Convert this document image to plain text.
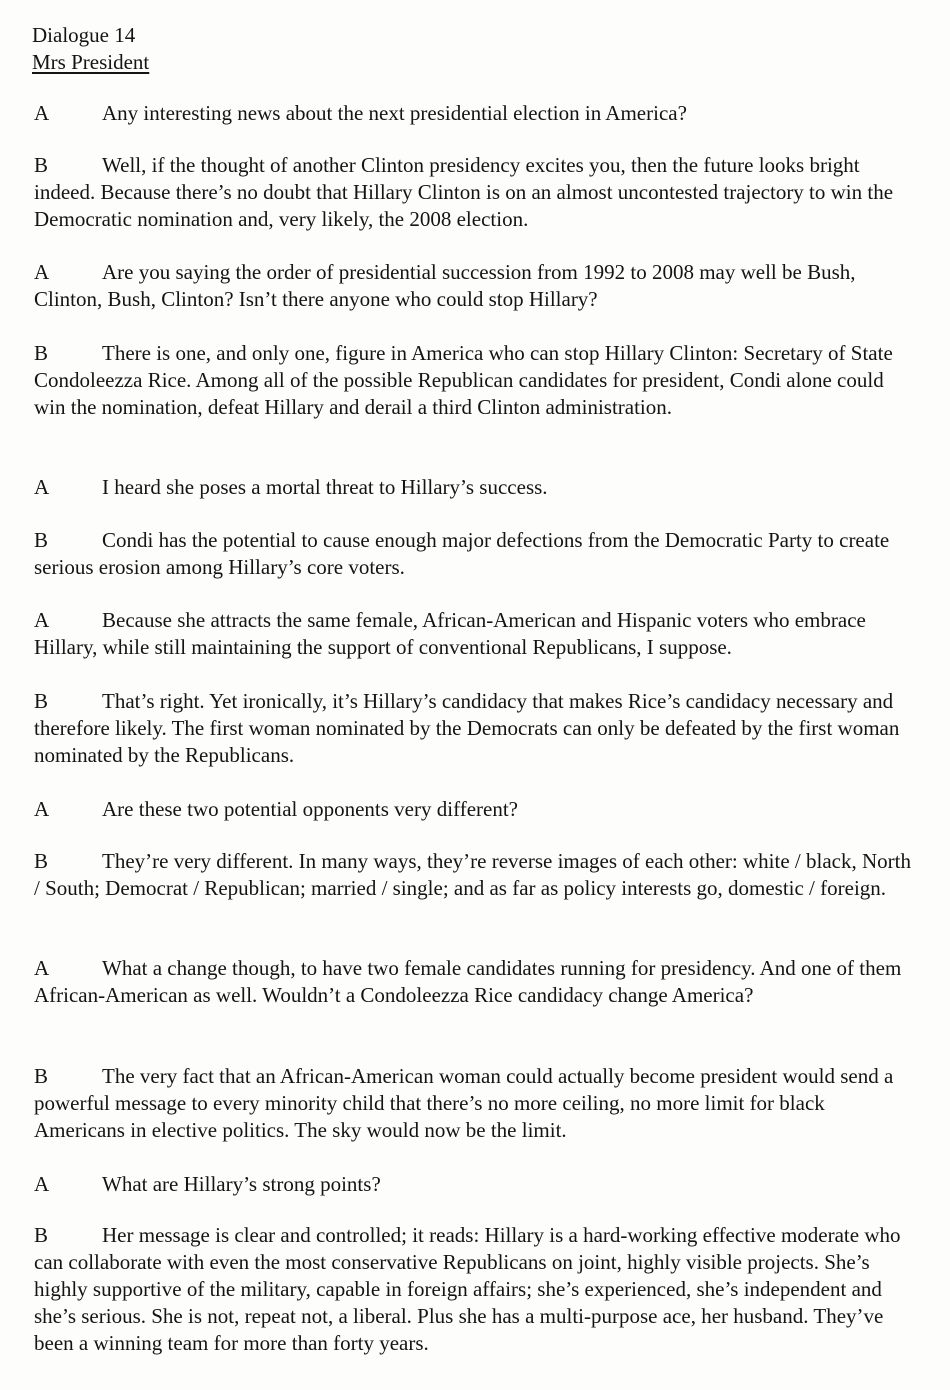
Dialogue 14
Mrs President
A	Any interesting news about the next presidential election in America?
B	Well, if the thought of another Clinton presidency excites you, then the future looks bright indeed. Because there’s no doubt that Hillary Clinton is on an almost uncontested trajectory to win the Democratic nomination and, very likely, the 2008 election.
A	Are you saying the order of presidential succession from 1992 to 2008 may well be Bush, Clinton, Bush, Clinton? Isn’t there anyone who could stop Hillary?
B	There is one, and only one, figure in America who can stop Hillary Clinton: Secretary of State Condoleezza Rice. Among all of the possible Republican candidates for president, Condi alone could win the nomination, defeat Hillary and derail a third Clinton administration.
A	I heard she poses a mortal threat to Hillary’s success.
B	Condi has the potential to cause enough major defections from the Democratic Party to create serious erosion among Hillary’s core voters.
A	Because she attracts the same female, African-American and Hispanic voters who embrace Hillary, while still maintaining the support of conventional Republicans, I suppose.
B	That’s right. Yet ironically, it’s Hillary’s candidacy that makes Rice’s candidacy necessary and therefore likely. The first woman nominated by the Democrats can only be defeated by the first woman nominated by the Republicans.
A	Are these two potential opponents very different?
B	They’re very different. In many ways, they’re reverse images of each other: white / black, North / South; Democrat / Republican; married / single; and as far as policy interests go, domestic / foreign.
A	What a change though, to have two female candidates running for presidency. And one of them African-American as well. Wouldn’t a Condoleezza Rice candidacy change America?
B	The very fact that an African-American woman could actually become president would send a powerful message to every minority child that there’s no more ceiling, no more limit for black Americans in elective politics. The sky would now be the limit.
A	What are Hillary’s strong points?
B	Her message is clear and controlled; it reads: Hillary is a hard-working effective moderate who can collaborate with even the most conservative Republicans on joint, highly visible projects. She’s highly supportive of the military, capable in foreign affairs; she’s experienced, she’s independent and she’s serious. She is not, repeat not, a liberal. Plus she has a multi-purpose ace, her husband. They’ve been a winning team for more than forty years.
